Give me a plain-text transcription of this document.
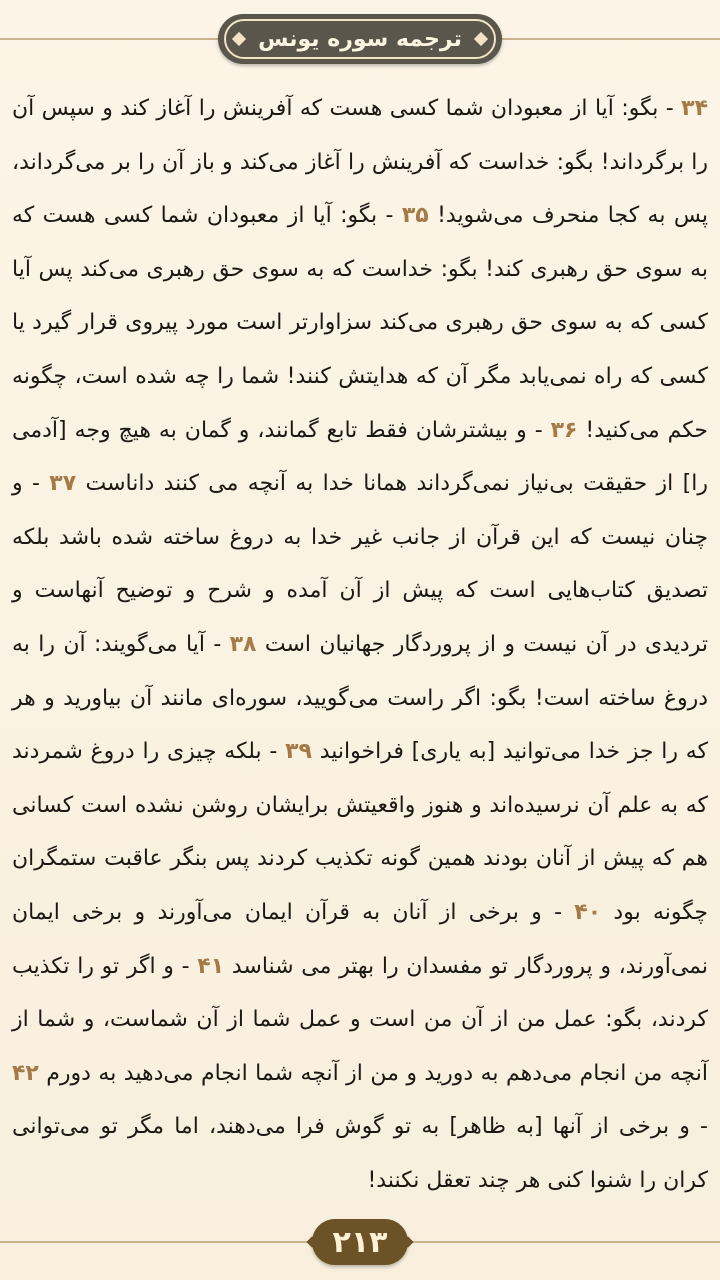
ترجمه سوره یونس

۳۴ - بگو: آیا از معبودان شما کسی هست که آفرینش را آغاز کند و سپس آن را برگرداند! بگو: خداست که آفرینش را آغاز می‌کند و باز آن را بر می‌گرداند، پس به کجا منحرف می‌شوید! ۳۵ - بگو: آیا از معبودان شما کسی هست که به سوی حق رهبری کند! بگو: خداست که به سوی حق رهبری می‌کند پس آیا کسی که به سوی حق رهبری می‌کند سزاوارتر است مورد پیروی قرار گیرد یا کسی که راه نمی‌یابد مگر آن که هدایتش کنند! شما را چه شده است، چگونه حکم می‌کنید! ۳۶ - و بیشترشان فقط تابع گمانند، و گمان به هیچ وجه [آدمی را] از حقیقت بی‌نیاز نمی‌گرداند همانا خدا به آنچه می کنند داناست ۳۷ - و چنان نیست که این قرآن از جانب غیر خدا به دروغ ساخته شده باشد بلکه تصدیق کتاب‌هایی است که پیش از آن آمده و شرح و توضیح آنهاست و تردیدی در آن نیست و از پروردگار جهانیان است ۳۸ - آیا می‌گویند: آن را به دروغ ساخته است! بگو: اگر راست می‌گویید، سوره‌ای مانند آن بیاورید و هر که را جز خدا می‌توانید [به یاری] فراخوانید ۳۹ - بلکه چیزی را دروغ شمردند که به علم آن نرسیده‌اند و هنوز واقعیتش برایشان روشن نشده است کسانی هم که پیش از آنان بودند همین گونه تکذیب کردند پس بنگر عاقبت ستمگران چگونه بود ۴۰ - و برخی از آنان به قرآن ایمان می‌آورند و برخی ایمان نمی‌آورند، و پروردگار تو مفسدان را بهتر می شناسد ۴۱ - و اگر تو را تکذیب کردند، بگو: عمل من از آن من است و عمل شما از آن شماست، و شما از آنچه من انجام می‌دهم به دورید و من از آنچه شما انجام می‌دهید به دورم ۴۲ - و برخی از آنها [به ظاهر] به تو گوش فرا می‌دهند، اما مگر تو می‌توانی کران را شنوا کنی هر چند تعقل نکنند!

۲۱۳
